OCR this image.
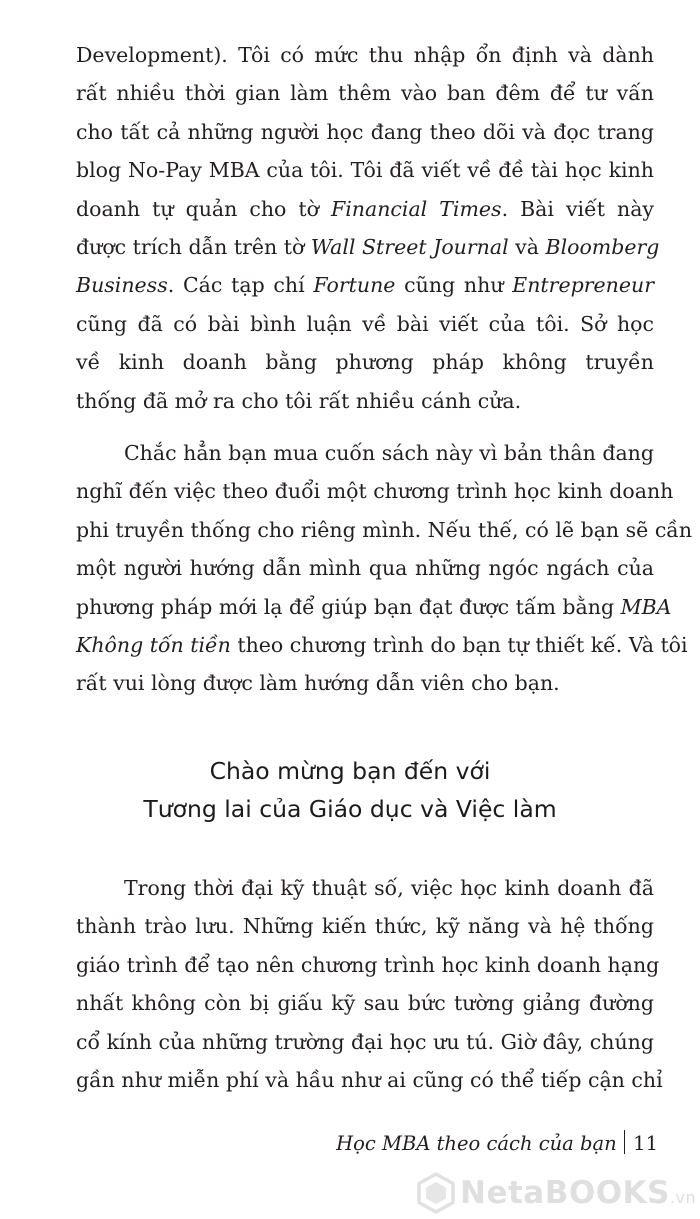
Development). Tôi có mức thu nhập ổn định và dành
rất nhiều thời gian làm thêm vào ban đêm để tư vấn
cho tất cả những người học đang theo dõi và đọc trang
blog No-Pay MBA của tôi. Tôi đã viết về đề tài học kinh
doanh tự quản cho tờ Financial Times. Bài viết này
được trích dẫn trên tờ Wall Street Journal và Bloomberg
Business. Các tạp chí Fortune cũng như Entrepreneur
cũng đã có bài bình luận về bài viết của tôi. Sở học
về kinh doanh bằng phương pháp không truyền
thống đã mở ra cho tôi rất nhiều cánh cửa.
Chắc hẳn bạn mua cuốn sách này vì bản thân đang
nghĩ đến việc theo đuổi một chương trình học kinh doanh
phi truyền thống cho riêng mình. Nếu thế, có lẽ bạn sẽ cần
một người hướng dẫn mình qua những ngóc ngách của
phương pháp mới lạ để giúp bạn đạt được tấm bằng MBA
Không tốn tiền theo chương trình do bạn tự thiết kế. Và tôi
rất vui lòng được làm hướng dẫn viên cho bạn.
Chào mừng bạn đến với
Tương lai của Giáo dục và Việc làm
Trong thời đại kỹ thuật số, việc học kinh doanh đã
thành trào lưu. Những kiến thức, kỹ năng và hệ thống
giáo trình để tạo nên chương trình học kinh doanh hạng
nhất không còn bị giấu kỹ sau bức tường giảng đường
cổ kính của những trường đại học ưu tú. Giờ đây, chúng
gần như miễn phí và hầu như ai cũng có thể tiếp cận chỉ
Học MBA theo cách của bạn 11
NetaBOOKS.vn
